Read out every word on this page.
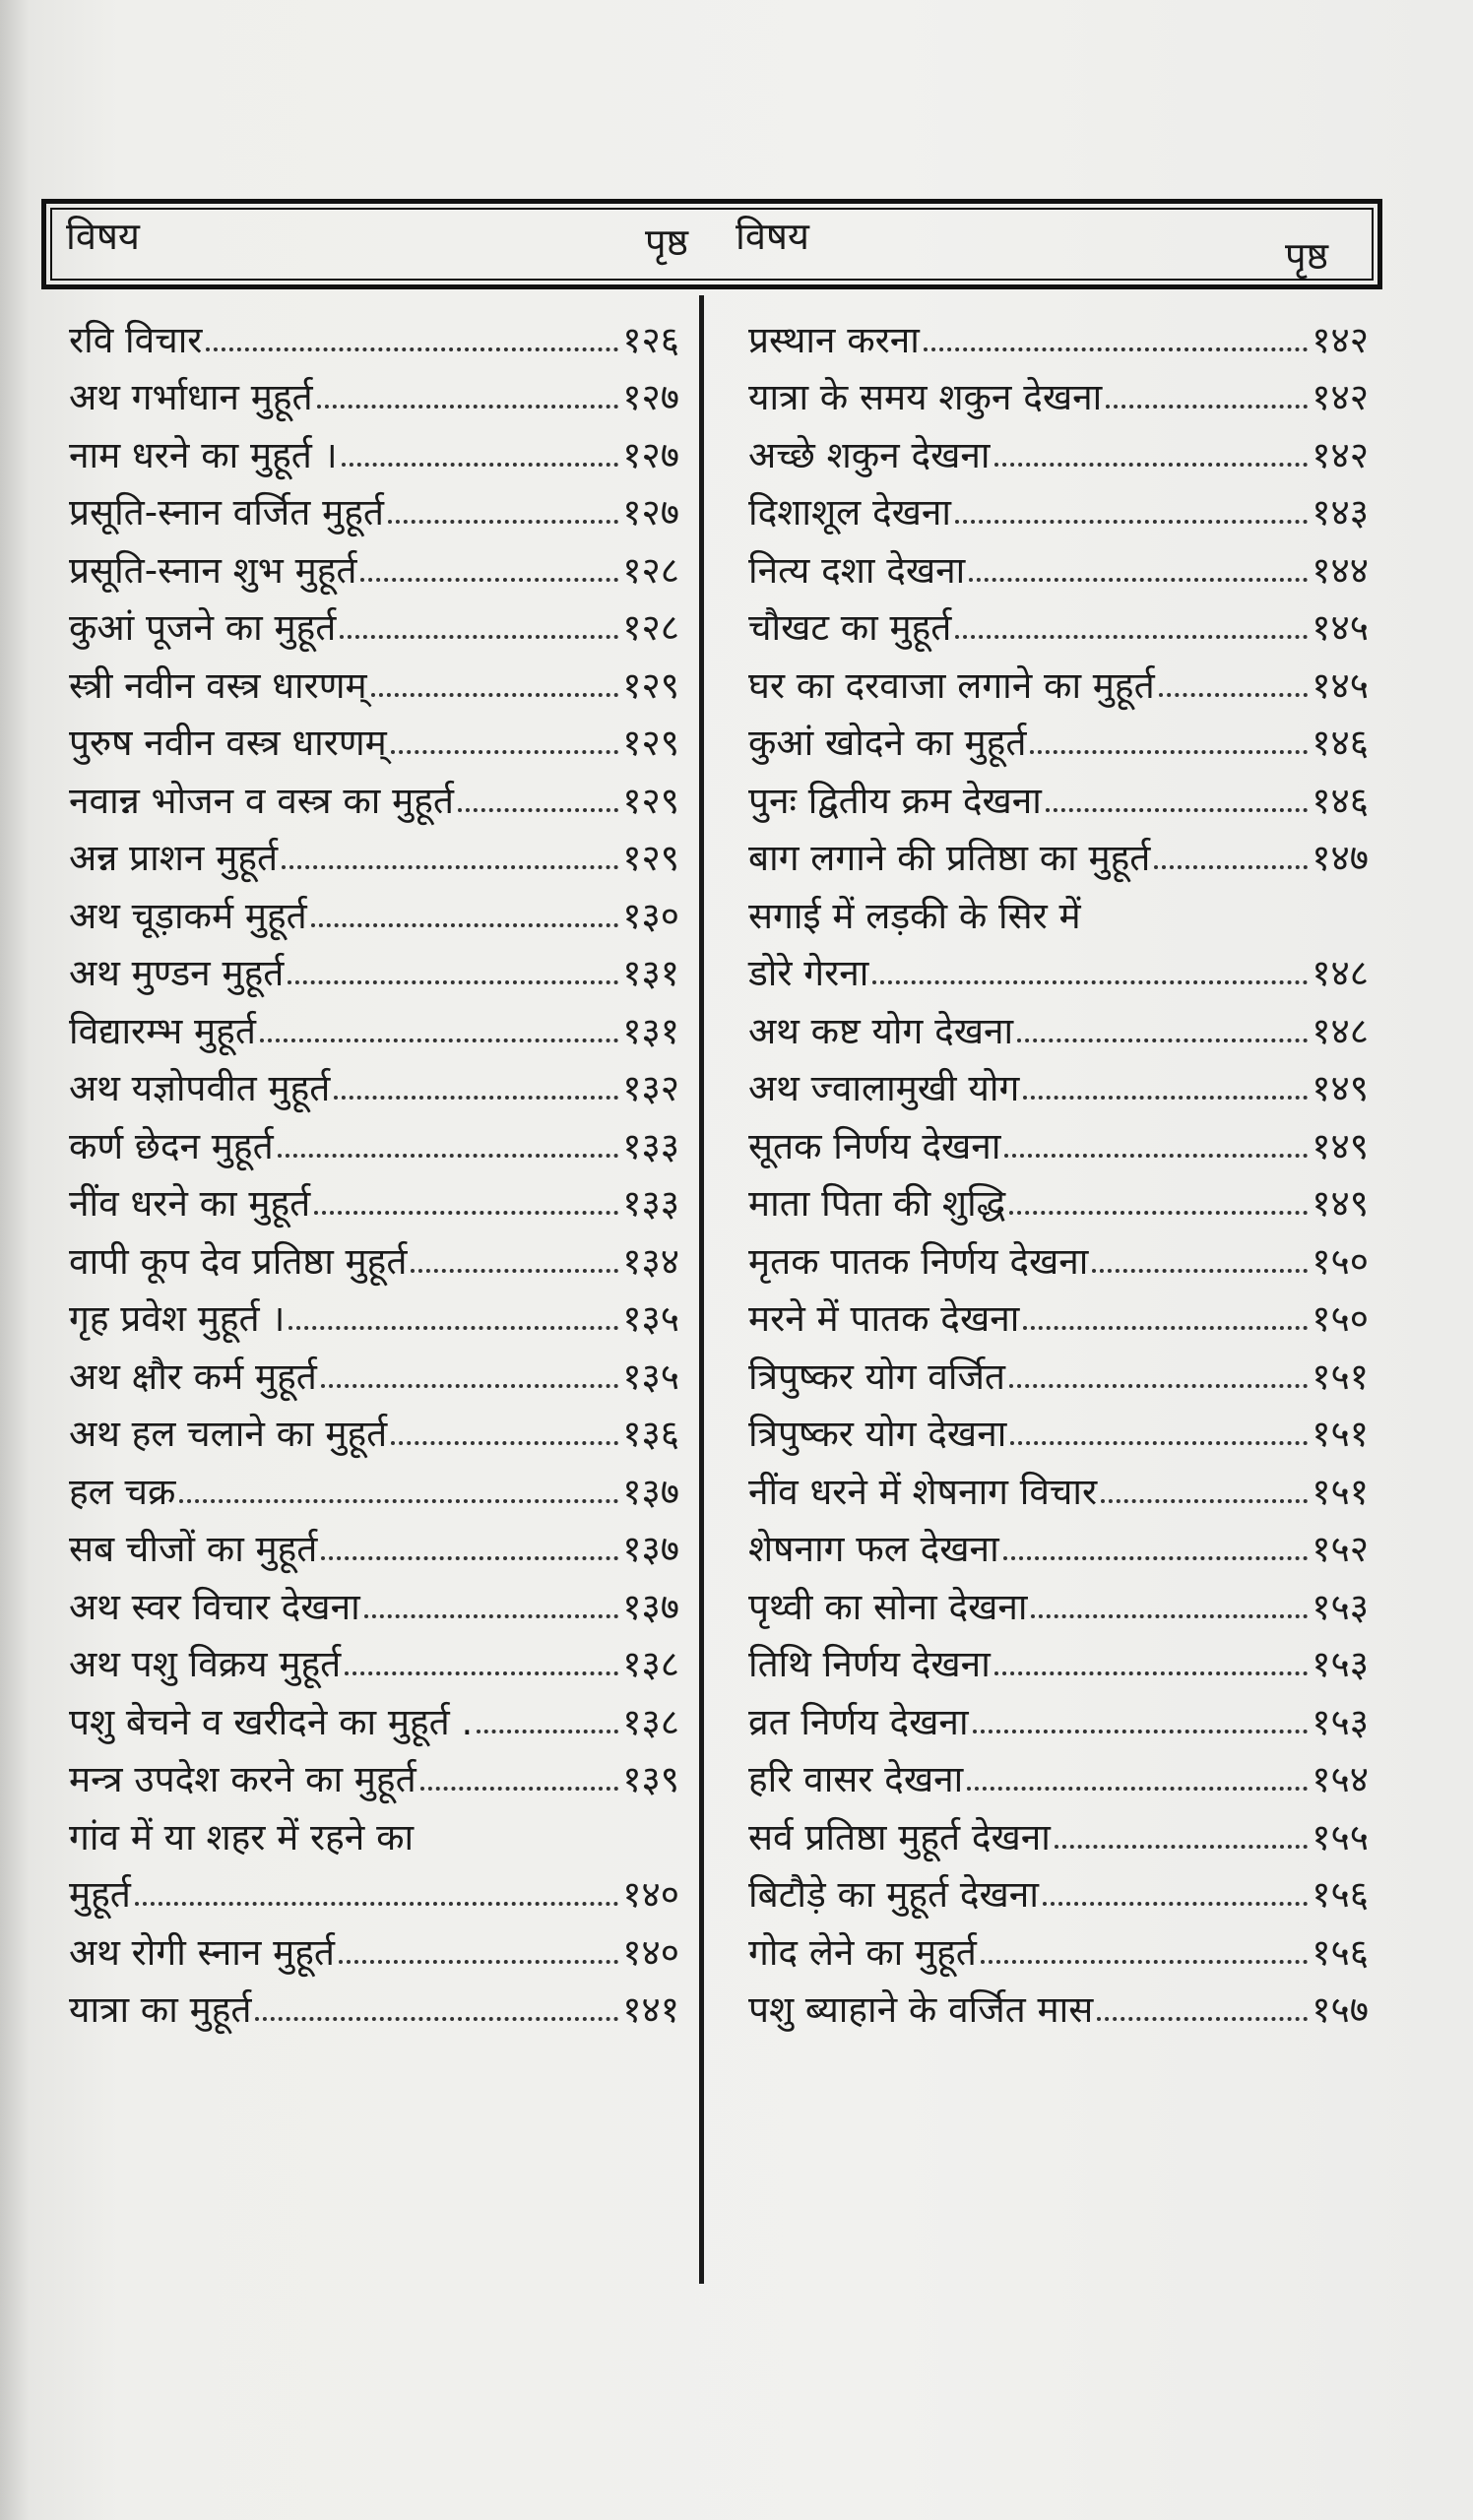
विषय	पृष्ठ विषय	पृष्ठ
रवि विचार	१२६
अथ गर्भाधान मुहूर्त	१२७
नाम धरने का मुहूर्त ।	१२७
प्रसूति-स्नान वर्जित मुहूर्त	१२७
प्रसूति-स्नान शुभ मुहूर्त	१२८
कुआं पूजने का मुहूर्त	१२८
स्त्री नवीन वस्त्र धारणम्	१२९
पुरुष नवीन वस्त्र धारणम्	१२९
नवान्न भोजन व वस्त्र का मुहूर्त	१२९
अन्न प्राशन मुहूर्त	१२९
अथ चूड़ाकर्म मुहूर्त	१३०
अथ मुण्डन मुहूर्त	१३१
विद्यारम्भ मुहूर्त	१३१
अथ यज्ञोपवीत मुहूर्त	१३२
कर्ण छेदन मुहूर्त	१३३
नींव धरने का मुहूर्त	१३३
वापी कूप देव प्रतिष्ठा मुहूर्त	१३४
गृह प्रवेश मुहूर्त ।	१३५
अथ क्षौर कर्म मुहूर्त	१३५
अथ हल चलाने का मुहूर्त	१३६
हल चक्र	१३७
सब चीजों का मुहूर्त	१३७
अथ स्वर विचार देखना	१३७
अथ पशु विक्रय मुहूर्त	१३८
पशु बेचने व खरीदने का मुहूर्त .	१३८
मन्त्र उपदेश करने का मुहूर्त	१३९
गांव में या शहर में रहने का
मुहूर्त	१४०
अथ रोगी स्नान मुहूर्त	१४०
यात्रा का मुहूर्त	१४१
प्रस्थान करना	१४२
यात्रा के समय शकुन देखना	१४२
अच्छे शकुन देखना	१४२
दिशाशूल देखना	१४३
नित्य दशा देखना	१४४
चौखट का मुहूर्त	१४५
घर का दरवाजा लगाने का मुहूर्त	१४५
कुआं खोदने का मुहूर्त	१४६
पुनः द्वितीय क्रम देखना	१४६
बाग लगाने की प्रतिष्ठा का मुहूर्त	१४७
सगाई में लड़की के सिर में
डोरे गेरना	१४८
अथ कष्ट योग देखना	१४८
अथ ज्वालामुखी योग	१४९
सूतक निर्णय देखना	१४९
माता पिता की शुद्धि	१४९
मृतक पातक निर्णय देखना	१५०
मरने में पातक देखना	१५०
त्रिपुष्कर योग वर्जित	१५१
त्रिपुष्कर योग देखना	१५१
नींव धरने में शेषनाग विचार	१५१
शेषनाग फल देखना	१५२
पृथ्वी का सोना देखना	१५३
तिथि निर्णय देखना	१५३
व्रत निर्णय देखना	१५३
हरि वासर देखना	१५४
सर्व प्रतिष्ठा मुहूर्त देखना	१५५
बिटौड़े का मुहूर्त देखना	१५६
गोद लेने का मुहूर्त	१५६
पशु ब्याहाने के वर्जित मास	१५७
